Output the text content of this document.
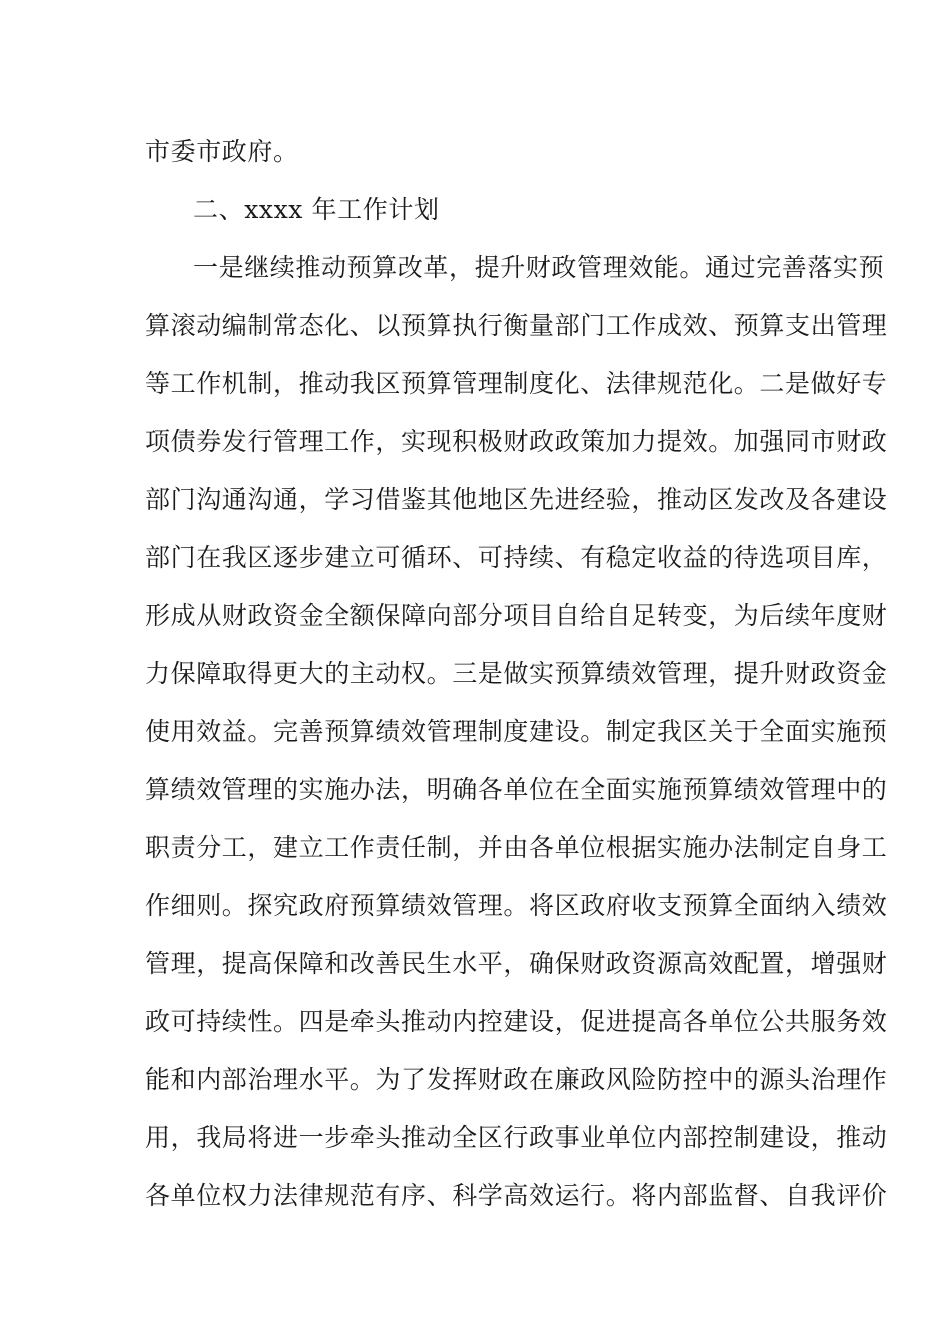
市委市政府。
二、xxxx 年工作计划
一是继续推动预算改革，提升财政管理效能。通过完善落实预
算滚动编制常态化、以预算执行衡量部门工作成效、预算支出管理
等工作机制，推动我区预算管理制度化、法律规范化。二是做好专
项债券发行管理工作，实现积极财政政策加力提效。加强同市财政
部门沟通沟通，学习借鉴其他地区先进经验，推动区发改及各建设
部门在我区逐步建立可循环、可持续、有稳定收益的待选项目库，
形成从财政资金全额保障向部分项目自给自足转变，为后续年度财
力保障取得更大的主动权。三是做实预算绩效管理，提升财政资金
使用效益。完善预算绩效管理制度建设。制定我区关于全面实施预
算绩效管理的实施办法，明确各单位在全面实施预算绩效管理中的
职责分工，建立工作责任制，并由各单位根据实施办法制定自身工
作细则。探究政府预算绩效管理。将区政府收支预算全面纳入绩效
管理，提高保障和改善民生水平，确保财政资源高效配置，增强财
政可持续性。四是牵头推动内控建设，促进提高各单位公共服务效
能和内部治理水平。为了发挥财政在廉政风险防控中的源头治理作
用，我局将进一步牵头推动全区行政事业单位内部控制建设，推动
各单位权力法律规范有序、科学高效运行。将内部监督、自我评价
